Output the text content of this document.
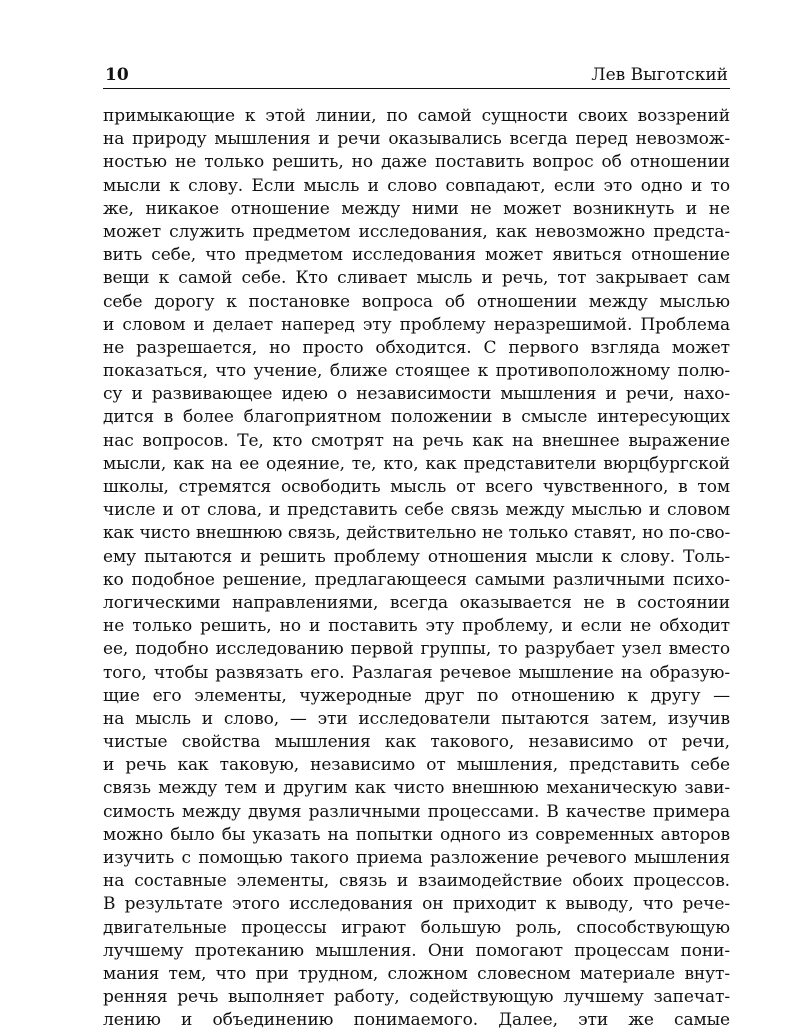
10	Лев Выготский
примыкающие к этой линии, по самой сущности своих воззрений
на природу мышления и речи оказывались всегда перед невозмож-
ностью не только решить, но даже поставить вопрос об отношении
мысли к слову. Если мысль и слово совпадают, если это одно и то
же, никакое отношение между ними не может возникнуть и не
может служить предметом исследования, как невозможно предста-
вить себе, что предметом исследования может явиться отношение
вещи к самой себе. Кто сливает мысль и речь, тот закрывает сам
себе дорогу к постановке вопроса об отношении между мыслью
и словом и делает наперед эту проблему неразрешимой. Проблема
не разрешается, но просто обходится. С первого взгляда может
показаться, что учение, ближе стоящее к противоположному полю-
су и развивающее идею о независимости мышления и речи, нахо-
дится в более благоприятном положении в смысле интересующих
нас вопросов. Те, кто смотрят на речь как на внешнее выражение
мысли, как на ее одеяние, те, кто, как представители вюрцбургской
школы, стремятся освободить мысль от всего чувственного, в том
числе и от слова, и представить себе связь между мыслью и словом
как чисто внешнюю связь, действительно не только ставят, но по-сво-
ему пытаются и решить проблему отношения мысли к слову. Толь-
ко подобное решение, предлагающееся самыми различными психо-
логическими направлениями, всегда оказывается не в состоянии
не только решить, но и поставить эту проблему, и если не обходит
ее, подобно исследованию первой группы, то разрубает узел вместо
того, чтобы развязать его. Разлагая речевое мышление на образую-
щие его элементы, чужеродные друг по отношению к другу —
на мысль и слово, — эти исследователи пытаются затем, изучив
чистые свойства мышления как такового, независимо от речи,
и речь как таковую, независимо от мышления, представить себе
связь между тем и другим как чисто внешнюю механическую зави-
симость между двумя различными процессами. В качестве примера
можно было бы указать на попытки одного из современных авторов
изучить с помощью такого приема разложение речевого мышления
на составные элементы, связь и взаимодействие обоих процессов.
В результате этого исследования он приходит к выводу, что рече-
двигательные процессы играют большую роль, способствующую
лучшему протеканию мышления. Они помогают процессам пони-
мания тем, что при трудном, сложном словесном материале внут-
ренняя речь выполняет работу, содействующую лучшему запечат-
лению и объединению понимаемого. Далее, эти же самые
